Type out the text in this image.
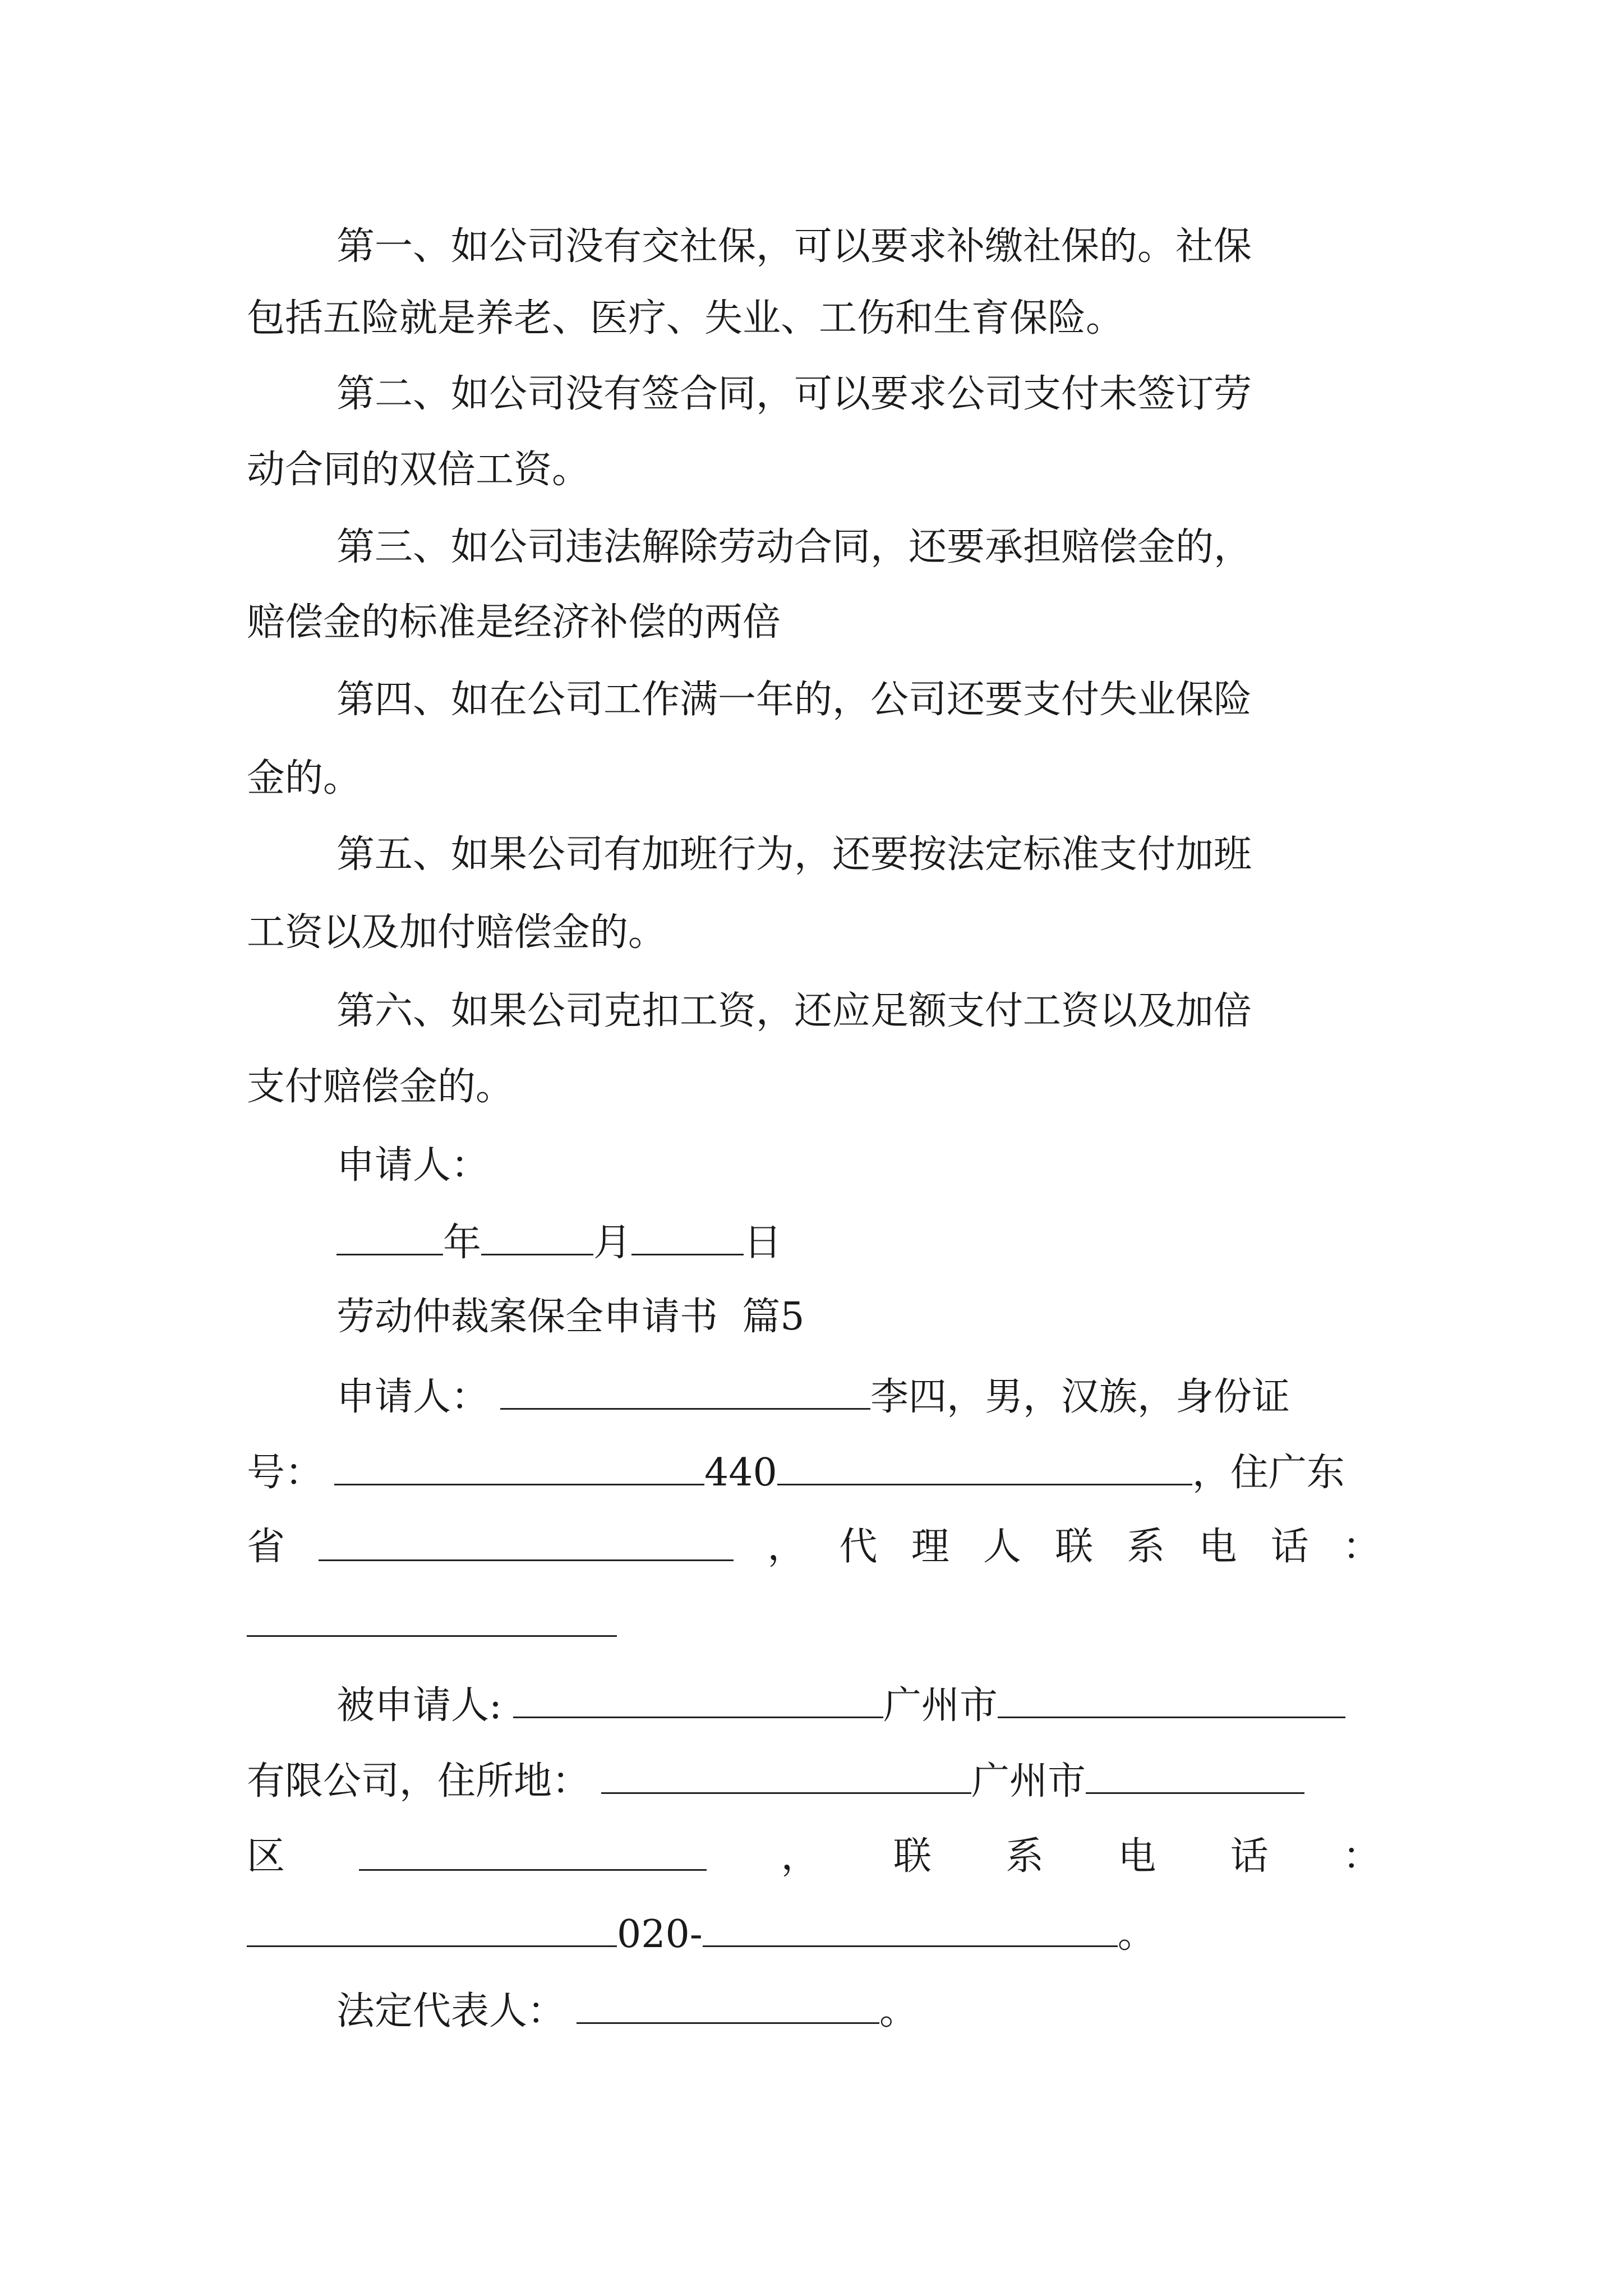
第一、如公司没有交社保，可以要求补缴社保的。社保

包括五险就是养老、医疗、失业、工伤和生育保险。

第二、如公司没有签合同，可以要求公司支付未签订劳

动合同的双倍工资。

第三、如公司违法解除劳动合同，还要承担赔偿金的，

赔偿金的标准是经济补偿的两倍

第四、如在公司工作满一年的，公司还要支付失业保险

金的。

第五、如果公司有加班行为，还要按法定标准支付加班

工资以及加付赔偿金的。

第六、如果公司克扣工资，还应足额支付工资以及加倍

支付赔偿金的。

申请人：

年	月	日

劳动仲裁案保全申请书  篇5

申请人：	李四，男，汉族，身份证

号：	440	，住广东

省	， 代 理 人 联 系 电 话 ：

被申请人:	广州市

有限公司，住所地：	广州市

区	， 联 系 电 话 ：

020-	。

法定代表人：	。
